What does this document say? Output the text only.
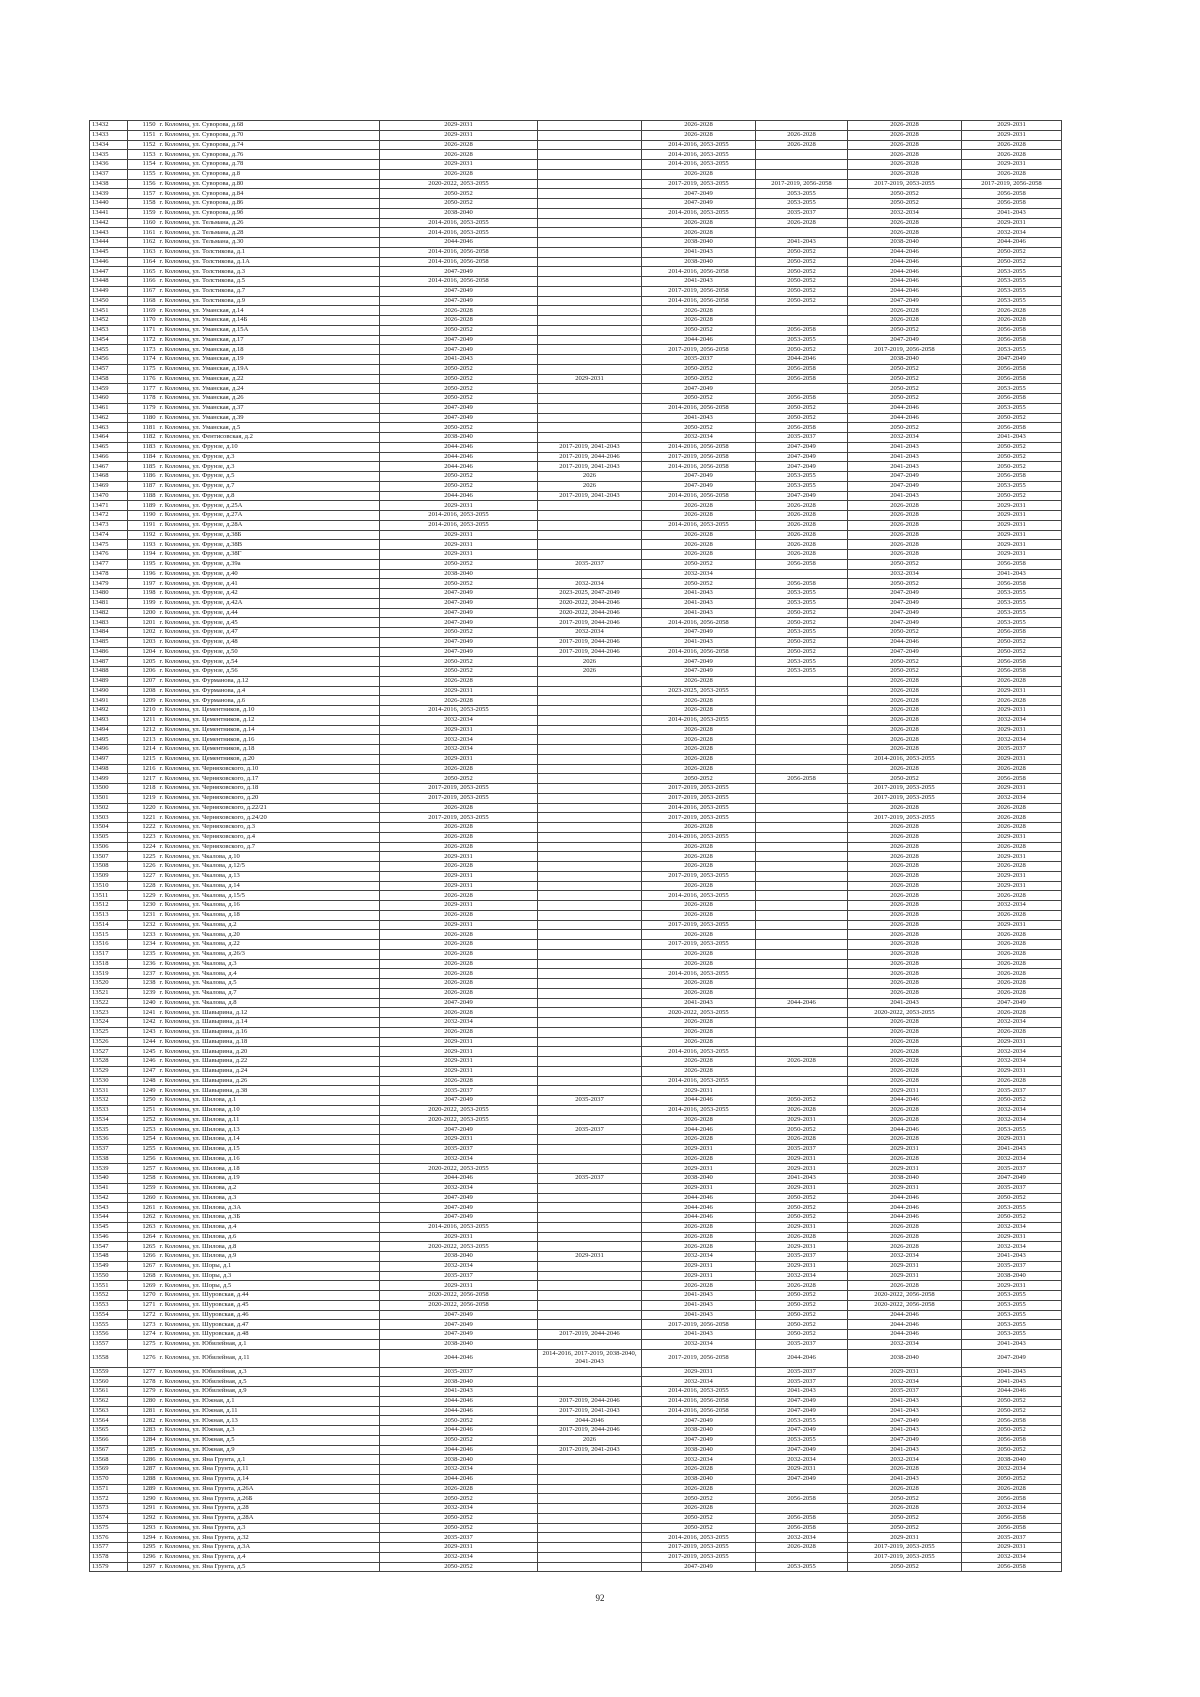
13432	1150	г. Коломна, ул. Суворова, д.68	2029-2031		2026-2028		2026-2028	2029-2031
13433	1151	г. Коломна, ул. Суворова, д.70	2029-2031		2026-2028	2026-2028	2026-2028	2029-2031
13434	1152	г. Коломна, ул. Суворова, д.74	2026-2028		2014-2016, 2053-2055	2026-2028	2026-2028	2026-2028
13435	1153	г. Коломна, ул. Суворова, д.76	2026-2028		2014-2016, 2053-2055		2026-2028	2026-2028
13436	1154	г. Коломна, ул. Суворова, д.78	2029-2031		2014-2016, 2053-2055		2026-2028	2029-2031
13437	1155	г. Коломна, ул. Суворова, д.8	2026-2028		2026-2028		2026-2028	2026-2028
13438	1156	г. Коломна, ул. Суворова, д.80	2020-2022, 2053-2055		2017-2019, 2053-2055	2017-2019, 2056-2058	2017-2019, 2053-2055	2017-2019, 2056-2058
13439	1157	г. Коломна, ул. Суворова, д.84	2050-2052		2047-2049	2053-2055	2050-2052	2056-2058
13440	1158	г. Коломна, ул. Суворова, д.86	2050-2052		2047-2049	2053-2055	2050-2052	2056-2058
13441	1159	г. Коломна, ул. Суворова, д.9б	2038-2040		2014-2016, 2053-2055	2035-2037	2032-2034	2041-2043
13442	1160	г. Коломна, ул. Тельмана, д.26	2014-2016, 2053-2055		2026-2028	2026-2028	2026-2028	2029-2031
13443	1161	г. Коломна, ул. Тельмана, д.28	2014-2016, 2053-2055		2026-2028		2026-2028	2032-2034
13444	1162	г. Коломна, ул. Тельмана, д.30	2044-2046		2038-2040	2041-2043	2038-2040	2044-2046
13445	1163	г. Коломна, ул. Толстикова, д.1	2014-2016, 2056-2058		2041-2043	2050-2052	2044-2046	2050-2052
13446	1164	г. Коломна, ул. Толстикова, д.1А	2014-2016, 2056-2058		2038-2040	2050-2052	2044-2046	2050-2052
13447	1165	г. Коломна, ул. Толстикова, д.3	2047-2049		2014-2016, 2056-2058	2050-2052	2044-2046	2053-2055
13448	1166	г. Коломна, ул. Толстикова, д.5	2014-2016, 2056-2058		2041-2043	2050-2052	2044-2046	2053-2055
13449	1167	г. Коломна, ул. Толстикова, д.7	2047-2049		2017-2019, 2056-2058	2050-2052	2044-2046	2053-2055
13450	1168	г. Коломна, ул. Толстикова, д.9	2047-2049		2014-2016, 2056-2058	2050-2052	2047-2049	2053-2055
13451	1169	г. Коломна, ул. Уманская, д.14	2026-2028		2026-2028		2026-2028	2026-2028
13452	1170	г. Коломна, ул. Уманская, д.14Б	2026-2028		2026-2028		2026-2028	2026-2028
13453	1171	г. Коломна, ул. Уманская, д.15А	2050-2052		2050-2052	2056-2058	2050-2052	2056-2058
13454	1172	г. Коломна, ул. Уманская, д.17	2047-2049		2044-2046	2053-2055	2047-2049	2056-2058
13455	1173	г. Коломна, ул. Уманская, д.18	2047-2049		2017-2019, 2056-2058	2050-2052	2017-2019, 2056-2058	2053-2055
13456	1174	г. Коломна, ул. Уманская, д.19	2041-2043		2035-2037	2044-2046	2038-2040	2047-2049
13457	1175	г. Коломна, ул. Уманская, д.19А	2050-2052		2050-2052	2056-2058	2050-2052	2056-2058
13458	1176	г. Коломна, ул. Уманская, д.22	2050-2052	2029-2031	2050-2052	2056-2058	2050-2052	2056-2058
13459	1177	г. Коломна, ул. Уманская, д.24	2050-2052		2047-2049		2050-2052	2053-2055
13460	1178	г. Коломна, ул. Уманская, д.26	2050-2052		2050-2052	2056-2058	2050-2052	2056-2058
13461	1179	г. Коломна, ул. Уманская, д.37	2047-2049		2014-2016, 2056-2058	2050-2052	2044-2046	2053-2055
13462	1180	г. Коломна, ул. Уманская, д.39	2047-2049		2041-2043	2050-2052	2044-2046	2050-2052
13463	1181	г. Коломна, ул. Уманская, д.5	2050-2052		2050-2052	2056-2058	2050-2052	2056-2058
13464	1182	г. Коломна, ул. Фентисовская, д.2	2038-2040		2032-2034	2035-2037	2032-2034	2041-2043
13465	1183	г. Коломна, ул. Фрунзе, д.10	2044-2046	2017-2019, 2041-2043	2014-2016, 2056-2058	2047-2049	2041-2043	2050-2052
13466	1184	г. Коломна, ул. Фрунзе, д.3	2044-2046	2017-2019, 2044-2046	2017-2019, 2056-2058	2047-2049	2041-2043	2050-2052
13467	1185	г. Коломна, ул. Фрунзе, д.3	2044-2046	2017-2019, 2041-2043	2014-2016, 2056-2058	2047-2049	2041-2043	2050-2052
13468	1186	г. Коломна, ул. Фрунзе, д.5	2050-2052	2026	2047-2049	2053-2055	2047-2049	2056-2058
13469	1187	г. Коломна, ул. Фрунзе, д.7	2050-2052	2026	2047-2049	2053-2055	2047-2049	2053-2055
13470	1188	г. Коломна, ул. Фрунзе, д.8	2044-2046	2017-2019, 2041-2043	2014-2016, 2056-2058	2047-2049	2041-2043	2050-2052
13471	1189	г. Коломна, ул. Фрунзе, д.25А	2029-2031		2026-2028	2026-2028	2026-2028	2029-2031
13472	1190	г. Коломна, ул. Фрунзе, д.27А	2014-2016, 2053-2055		2026-2028	2026-2028	2026-2028	2029-2031
13473	1191	г. Коломна, ул. Фрунзе, д.28А	2014-2016, 2053-2055		2014-2016, 2053-2055	2026-2028	2026-2028	2029-2031
13474	1192	г. Коломна, ул. Фрунзе, д.38Б	2029-2031		2026-2028	2026-2028	2026-2028	2029-2031
13475	1193	г. Коломна, ул. Фрунзе, д.38В	2029-2031		2026-2028	2026-2028	2026-2028	2029-2031
13476	1194	г. Коломна, ул. Фрунзе, д.38Г	2029-2031		2026-2028	2026-2028	2026-2028	2029-2031
13477	1195	г. Коломна, ул. Фрунзе, д.39а	2050-2052	2035-2037	2050-2052	2056-2058	2050-2052	2056-2058
13478	1196	г. Коломна, ул. Фрунзе, д.40	2038-2040		2032-2034		2032-2034	2041-2043
13479	1197	г. Коломна, ул. Фрунзе, д.41	2050-2052	2032-2034	2050-2052	2056-2058	2050-2052	2056-2058
13480	1198	г. Коломна, ул. Фрунзе, д.42	2047-2049	2023-2025, 2047-2049	2041-2043	2053-2055	2047-2049	2053-2055
13481	1199	г. Коломна, ул. Фрунзе, д.42А	2047-2049	2020-2022, 2044-2046	2041-2043	2053-2055	2047-2049	2053-2055
13482	1200	г. Коломна, ул. Фрунзе, д.44	2047-2049	2020-2022, 2044-2046	2041-2043	2050-2052	2047-2049	2053-2055
13483	1201	г. Коломна, ул. Фрунзе, д.45	2047-2049	2017-2019, 2044-2046	2014-2016, 2056-2058	2050-2052	2047-2049	2053-2055
13484	1202	г. Коломна, ул. Фрунзе, д.47	2050-2052	2032-2034	2047-2049	2053-2055	2050-2052	2056-2058
13485	1203	г. Коломна, ул. Фрунзе, д.48	2047-2049	2017-2019, 2044-2046	2041-2043	2050-2052	2044-2046	2050-2052
13486	1204	г. Коломна, ул. Фрунзе, д.50	2047-2049	2017-2019, 2044-2046	2014-2016, 2056-2058	2050-2052	2047-2049	2050-2052
13487	1205	г. Коломна, ул. Фрунзе, д.54	2050-2052	2026	2047-2049	2053-2055	2050-2052	2056-2058
13488	1206	г. Коломна, ул. Фрунзе, д.56	2050-2052	2026	2047-2049	2053-2055	2050-2052	2056-2058
13489	1207	г. Коломна, ул. Фурманова, д.12	2026-2028		2026-2028		2026-2028	2026-2028
13490	1208	г. Коломна, ул. Фурманова, д.4	2029-2031		2023-2025, 2053-2055		2026-2028	2029-2031
13491	1209	г. Коломна, ул. Фурманова, д.6	2026-2028		2026-2028		2026-2028	2026-2028
13492	1210	г. Коломна, ул. Цементников, д.10	2014-2016, 2053-2055		2026-2028		2026-2028	2029-2031
13493	1211	г. Коломна, ул. Цементников, д.12	2032-2034		2014-2016, 2053-2055		2026-2028	2032-2034
13494	1212	г. Коломна, ул. Цементников, д.14	2029-2031		2026-2028		2026-2028	2029-2031
13495	1213	г. Коломна, ул. Цементников, д.16	2032-2034		2026-2028		2026-2028	2032-2034
13496	1214	г. Коломна, ул. Цементников, д.18	2032-2034		2026-2028		2026-2028	2035-2037
13497	1215	г. Коломна, ул. Цементников, д.20	2029-2031		2026-2028		2014-2016, 2053-2055	2029-2031
13498	1216	г. Коломна, ул. Черняховского, д.10	2026-2028		2026-2028		2026-2028	2026-2028
13499	1217	г. Коломна, ул. Черняховского, д.17	2050-2052		2050-2052	2056-2058	2050-2052	2056-2058
13500	1218	г. Коломна, ул. Черняховского, д.18	2017-2019, 2053-2055		2017-2019, 2053-2055		2017-2019, 2053-2055	2029-2031
13501	1219	г. Коломна, ул. Черняховского, д.20	2017-2019, 2053-2055		2017-2019, 2053-2055		2017-2019, 2053-2055	2032-2034
13502	1220	г. Коломна, ул. Черняховского, д.22/21	2026-2028		2014-2016, 2053-2055		2026-2028	2026-2028
13503	1221	г. Коломна, ул. Черняховского, д.24/20	2017-2019, 2053-2055		2017-2019, 2053-2055		2017-2019, 2053-2055	2026-2028
13504	1222	г. Коломна, ул. Черняховского, д.3	2026-2028		2026-2028		2026-2028	2026-2028
13505	1223	г. Коломна, ул. Черняховского, д.4	2026-2028		2014-2016, 2053-2055		2026-2028	2029-2031
13506	1224	г. Коломна, ул. Черняховского, д.7	2026-2028		2026-2028		2026-2028	2026-2028
13507	1225	г. Коломна, ул. Чкалова, д.10	2029-2031		2026-2028		2026-2028	2029-2031
13508	1226	г. Коломна, ул. Чкалова, д.12/5	2026-2028		2026-2028		2026-2028	2026-2028
13509	1227	г. Коломна, ул. Чкалова, д.13	2029-2031		2017-2019, 2053-2055		2026-2028	2029-2031
13510	1228	г. Коломна, ул. Чкалова, д.14	2029-2031		2026-2028		2026-2028	2029-2031
13511	1229	г. Коломна, ул. Чкалова, д.15/5	2026-2028		2014-2016, 2053-2055		2026-2028	2026-2028
13512	1230	г. Коломна, ул. Чкалова, д.16	2029-2031		2026-2028		2026-2028	2032-2034
13513	1231	г. Коломна, ул. Чкалова, д.18	2026-2028		2026-2028		2026-2028	2026-2028
13514	1232	г. Коломна, ул. Чкалова, д.2	2029-2031		2017-2019, 2053-2055		2026-2028	2029-2031
13515	1233	г. Коломна, ул. Чкалова, д.20	2026-2028		2026-2028		2026-2028	2026-2028
13516	1234	г. Коломна, ул. Чкалова, д.22	2026-2028		2017-2019, 2053-2055		2026-2028	2026-2028
13517	1235	г. Коломна, ул. Чкалова, д.26/3	2026-2028		2026-2028		2026-2028	2026-2028
13518	1236	г. Коломна, ул. Чкалова, д.3	2026-2028		2026-2028		2026-2028	2026-2028
13519	1237	г. Коломна, ул. Чкалова, д.4	2026-2028		2014-2016, 2053-2055		2026-2028	2026-2028
13520	1238	г. Коломна, ул. Чкалова, д.5	2026-2028		2026-2028		2026-2028	2026-2028
13521	1239	г. Коломна, ул. Чкалова, д.7	2026-2028		2026-2028		2026-2028	2026-2028
13522	1240	г. Коломна, ул. Чкалова, д.8	2047-2049		2041-2043	2044-2046	2041-2043	2047-2049
13523	1241	г. Коломна, ул. Шавырина, д.12	2026-2028		2020-2022, 2053-2055		2020-2022, 2053-2055	2026-2028
13524	1242	г. Коломна, ул. Шавырина, д.14	2032-2034		2026-2028		2026-2028	2032-2034
13525	1243	г. Коломна, ул. Шавырина, д.16	2026-2028		2026-2028		2026-2028	2026-2028
13526	1244	г. Коломна, ул. Шавырина, д.18	2029-2031		2026-2028		2026-2028	2029-2031
13527	1245	г. Коломна, ул. Шавырина, д.20	2029-2031		2014-2016, 2053-2055		2026-2028	2032-2034
13528	1246	г. Коломна, ул. Шавырина, д.22	2029-2031		2026-2028	2026-2028	2026-2028	2032-2034
13529	1247	г. Коломна, ул. Шавырина, д.24	2029-2031		2026-2028		2026-2028	2029-2031
13530	1248	г. Коломна, ул. Шавырина, д.26	2026-2028		2014-2016, 2053-2055		2026-2028	2026-2028
13531	1249	г. Коломна, ул. Шавырина, д.38	2035-2037		2029-2031		2029-2031	2035-2037
13532	1250	г. Коломна, ул. Шилова, д.1	2047-2049	2035-2037	2044-2046	2050-2052	2044-2046	2050-2052
13533	1251	г. Коломна, ул. Шилова, д.10	2020-2022, 2053-2055		2014-2016, 2053-2055	2026-2028	2026-2028	2032-2034
13534	1252	г. Коломна, ул. Шилова, д.11	2020-2022, 2053-2055		2026-2028	2029-2031	2026-2028	2032-2034
13535	1253	г. Коломна, ул. Шилова, д.13	2047-2049	2035-2037	2044-2046	2050-2052	2044-2046	2053-2055
13536	1254	г. Коломна, ул. Шилова, д.14	2029-2031		2026-2028	2026-2028	2026-2028	2029-2031
13537	1255	г. Коломна, ул. Шилова, д.15	2035-2037		2029-2031	2035-2037	2029-2031	2041-2043
13538	1256	г. Коломна, ул. Шилова, д.16	2032-2034		2026-2028	2029-2031	2026-2028	2032-2034
13539	1257	г. Коломна, ул. Шилова, д.18	2020-2022, 2053-2055		2029-2031	2029-2031	2029-2031	2035-2037
13540	1258	г. Коломна, ул. Шилова, д.19	2044-2046	2035-2037	2038-2040	2041-2043	2038-2040	2047-2049
13541	1259	г. Коломна, ул. Шилова, д.2	2032-2034		2029-2031	2029-2031	2029-2031	2035-2037
13542	1260	г. Коломна, ул. Шилова, д.3	2047-2049		2044-2046	2050-2052	2044-2046	2050-2052
13543	1261	г. Коломна, ул. Шилова, д.3А	2047-2049		2044-2046	2050-2052	2044-2046	2053-2055
13544	1262	г. Коломна, ул. Шилова, д.3Б	2047-2049		2044-2046	2050-2052	2044-2046	2050-2052
13545	1263	г. Коломна, ул. Шилова, д.4	2014-2016, 2053-2055		2026-2028	2029-2031	2026-2028	2032-2034
13546	1264	г. Коломна, ул. Шилова, д.6	2029-2031		2026-2028	2026-2028	2026-2028	2029-2031
13547	1265	г. Коломна, ул. Шилова, д.8	2020-2022, 2053-2055		2026-2028	2029-2031	2026-2028	2032-2034
13548	1266	г. Коломна, ул. Шилова, д.9	2038-2040	2029-2031	2032-2034	2035-2037	2032-2034	2041-2043
13549	1267	г. Коломна, ул. Шоры, д.1	2032-2034		2029-2031	2029-2031	2029-2031	2035-2037
13550	1268	г. Коломна, ул. Шоры, д.3	2035-2037		2029-2031	2032-2034	2029-2031	2038-2040
13551	1269	г. Коломна, ул. Шоры, д.5	2029-2031		2026-2028	2026-2028	2026-2028	2029-2031
13552	1270	г. Коломна, ул. Шуровская, д.44	2020-2022, 2056-2058		2041-2043	2050-2052	2020-2022, 2056-2058	2053-2055
13553	1271	г. Коломна, ул. Шуровская, д.45	2020-2022, 2056-2058		2041-2043	2050-2052	2020-2022, 2056-2058	2053-2055
13554	1272	г. Коломна, ул. Шуровская, д.46	2047-2049		2041-2043	2050-2052	2044-2046	2053-2055
13555	1273	г. Коломна, ул. Шуровская, д.47	2047-2049		2017-2019, 2056-2058	2050-2052	2044-2046	2053-2055
13556	1274	г. Коломна, ул. Шуровская, д.48	2047-2049	2017-2019, 2044-2046	2041-2043	2050-2052	2044-2046	2053-2055
13557	1275	г. Коломна, ул. Юбилейная, д.1	2038-2040		2032-2034	2035-2037	2032-2034	2041-2043
13558	1276	г. Коломна, ул. Юбилейная, д.11	2044-2046	2014-2016, 2017-2019, 2038-2040, 2041-2043	2017-2019, 2056-2058	2044-2046	2038-2040	2047-2049
13559	1277	г. Коломна, ул. Юбилейная, д.3	2035-2037		2029-2031	2035-2037	2029-2031	2041-2043
13560	1278	г. Коломна, ул. Юбилейная, д.5	2038-2040		2032-2034	2035-2037	2032-2034	2041-2043
13561	1279	г. Коломна, ул. Юбилейная, д.9	2041-2043		2014-2016, 2053-2055	2041-2043	2035-2037	2044-2046
13562	1280	г. Коломна, ул. Южная, д.1	2044-2046	2017-2019, 2044-2046	2014-2016, 2056-2058	2047-2049	2041-2043	2050-2052
13563	1281	г. Коломна, ул. Южная, д.11	2044-2046	2017-2019, 2041-2043	2014-2016, 2056-2058	2047-2049	2041-2043	2050-2052
13564	1282	г. Коломна, ул. Южная, д.13	2050-2052	2044-2046	2047-2049	2053-2055	2047-2049	2056-2058
13565	1283	г. Коломна, ул. Южная, д.3	2044-2046	2017-2019, 2044-2046	2038-2040	2047-2049	2041-2043	2050-2052
13566	1284	г. Коломна, ул. Южная, д.5	2050-2052	2026	2047-2049	2053-2055	2047-2049	2056-2058
13567	1285	г. Коломна, ул. Южная, д.9	2044-2046	2017-2019, 2041-2043	2038-2040	2047-2049	2041-2043	2050-2052
13568	1286	г. Коломна, ул. Яна Грунта, д.1	2038-2040		2032-2034	2032-2034	2032-2034	2038-2040
13569	1287	г. Коломна, ул. Яна Грунта, д.11	2032-2034		2026-2028	2029-2031	2026-2028	2032-2034
13570	1288	г. Коломна, ул. Яна Грунта, д.14	2044-2046		2038-2040	2047-2049	2041-2043	2050-2052
13571	1289	г. Коломна, ул. Яна Грунта, д.26А	2026-2028		2026-2028		2026-2028	2026-2028
13572	1290	г. Коломна, ул. Яна Грунта, д.26Б	2050-2052		2050-2052	2056-2058	2050-2052	2056-2058
13573	1291	г. Коломна, ул. Яна Грунта, д.28	2032-2034		2026-2028		2026-2028	2032-2034
13574	1292	г. Коломна, ул. Яна Грунта, д.28А	2050-2052		2050-2052	2056-2058	2050-2052	2056-2058
13575	1293	г. Коломна, ул. Яна Грунта, д.3	2050-2052		2050-2052	2056-2058	2050-2052	2056-2058
13576	1294	г. Коломна, ул. Яна Грунта, д.32	2035-2037		2014-2016, 2053-2055	2032-2034	2029-2031	2035-2037
13577	1295	г. Коломна, ул. Яна Грунта, д.3А	2029-2031		2017-2019, 2053-2055	2026-2028	2017-2019, 2053-2055	2029-2031
13578	1296	г. Коломна, ул. Яна Грунта, д.4	2032-2034		2017-2019, 2053-2055		2017-2019, 2053-2055	2032-2034
13579	1297	г. Коломна, ул. Яна Грунта, д.5	2050-2052		2047-2049	2053-2055	2050-2052	2056-2058
92
